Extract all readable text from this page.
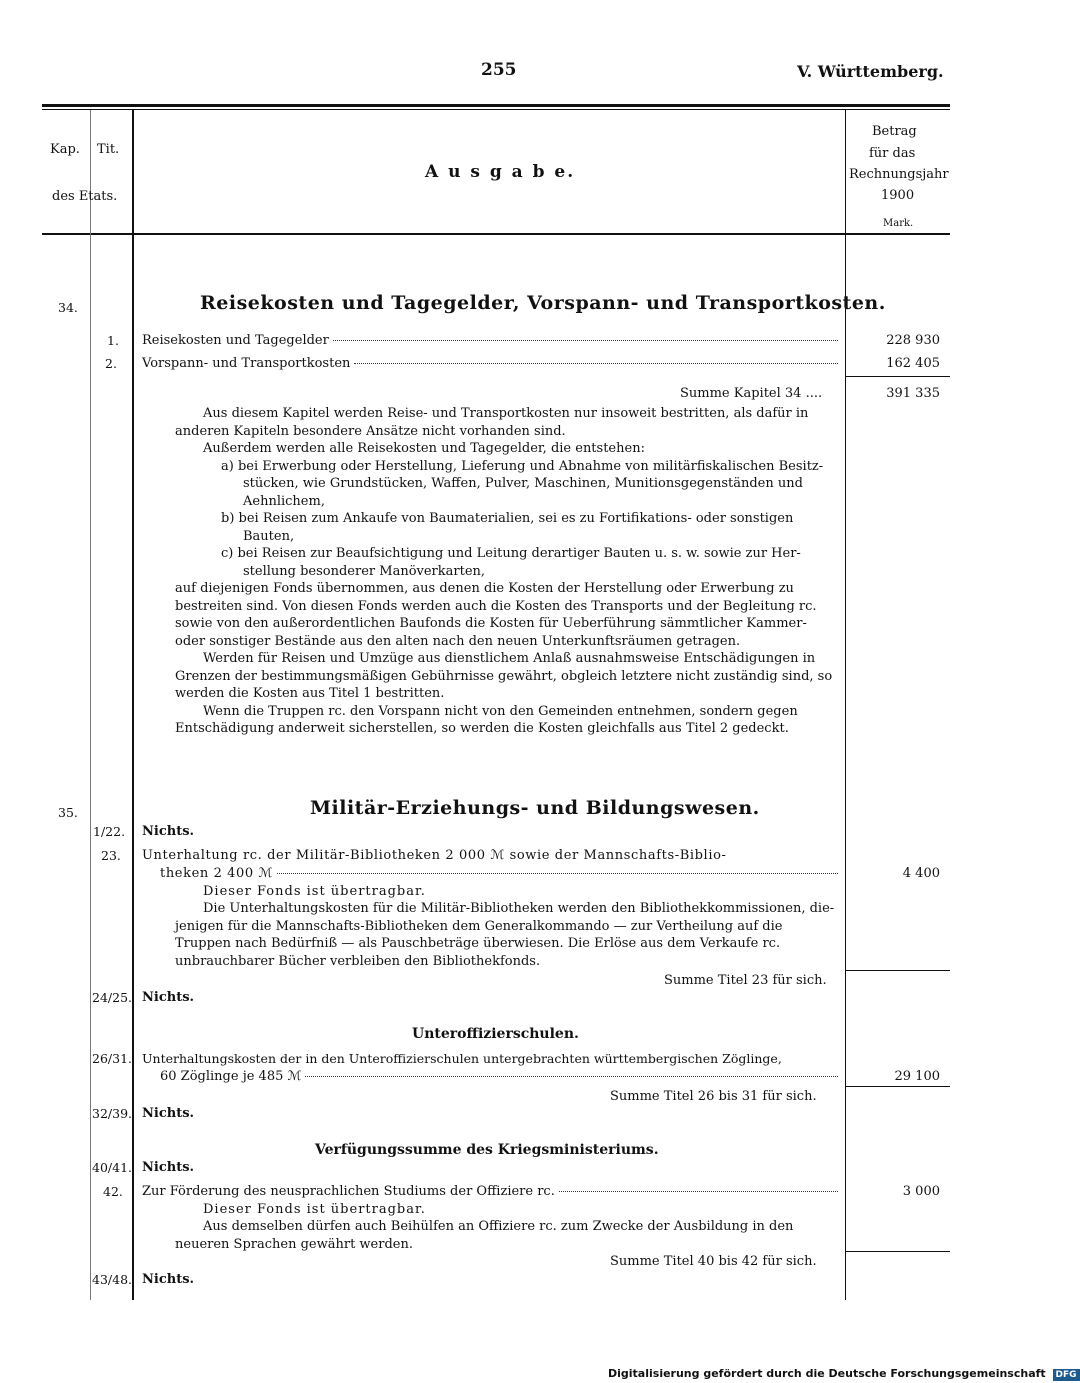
255	V. Württemberg.
Kap. Tit.
des Etats.
A u s g a b e.
Betrag
für das
Rechnungsjahr
1900
Mark.
34.	Reisekosten und Tagegelder, Vorspann- und Transportkosten.
1. Reisekosten und Tagegelder	228 930
2. Vorspann- und Transportkosten	162 405
Summe Kapitel 34 ....	391 335
Aus diesem Kapitel werden Reise- und Transportkosten nur insoweit bestritten, als dafür in
anderen Kapiteln besondere Ansätze nicht vorhanden sind.
Außerdem werden alle Reisekosten und Tagegelder, die entstehen:
a) bei Erwerbung oder Herstellung, Lieferung und Abnahme von militärfiskalischen Besitz-
stücken, wie Grundstücken, Waffen, Pulver, Maschinen, Munitionsgegenständen und
Aehnlichem,
b) bei Reisen zum Ankaufe von Baumaterialien, sei es zu Fortifikations- oder sonstigen
Bauten,
c) bei Reisen zur Beaufsichtigung und Leitung derartiger Bauten u. s. w. sowie zur Her-
stellung besonderer Manöverkarten,
auf diejenigen Fonds übernommen, aus denen die Kosten der Herstellung oder Erwerbung zu
bestreiten sind. Von diesen Fonds werden auch die Kosten des Transports und der Begleitung rc.
sowie von den außerordentlichen Baufonds die Kosten für Ueberführung sämmtlicher Kammer-
oder sonstiger Bestände aus den alten nach den neuen Unterkunftsräumen getragen.
Werden für Reisen und Umzüge aus dienstlichem Anlaß ausnahmsweise Entschädigungen in
Grenzen der bestimmungsmäßigen Gebührnisse gewährt, obgleich letztere nicht zuständig sind, so
werden die Kosten aus Titel 1 bestritten.
Wenn die Truppen rc. den Vorspann nicht von den Gemeinden entnehmen, sondern gegen
Entschädigung anderweit sicherstellen, so werden die Kosten gleichfalls aus Titel 2 gedeckt.
35.	Militär-Erziehungs- und Bildungswesen.
1/22. Nichts.
23. Unterhaltung rc. der Militär-Bibliotheken 2 000 ℳ sowie der Mannschafts-Biblio-
theken 2 400 ℳ	4 400
Dieser Fonds ist übertragbar.
Die Unterhaltungskosten für die Militär-Bibliotheken werden den Bibliothekkommissionen, die-
jenigen für die Mannschafts-Bibliotheken dem Generalkommando — zur Vertheilung auf die
Truppen nach Bedürfniß — als Pauschbeträge überwiesen. Die Erlöse aus dem Verkaufe rc.
unbrauchbarer Bücher verbleiben den Bibliothekfonds.
Summe Titel 23 für sich.
24/25. Nichts.
Unteroffizierschulen.
26/31. Unterhaltungskosten der in den Unteroffizierschulen untergebrachten württembergischen Zöglinge,
60 Zöglinge je 485 ℳ	29 100
Summe Titel 26 bis 31 für sich.
32/39. Nichts.
Verfügungssumme des Kriegsministeriums.
40/41. Nichts.
42. Zur Förderung des neusprachlichen Studiums der Offiziere rc.	3 000
Dieser Fonds ist übertragbar.
Aus demselben dürfen auch Beihülfen an Offiziere rc. zum Zwecke der Ausbildung in den
neueren Sprachen gewährt werden.
Summe Titel 40 bis 42 für sich.
43/48. Nichts.
Digitalisierung gefördert durch die Deutsche Forschungsgemeinschaft DFG
